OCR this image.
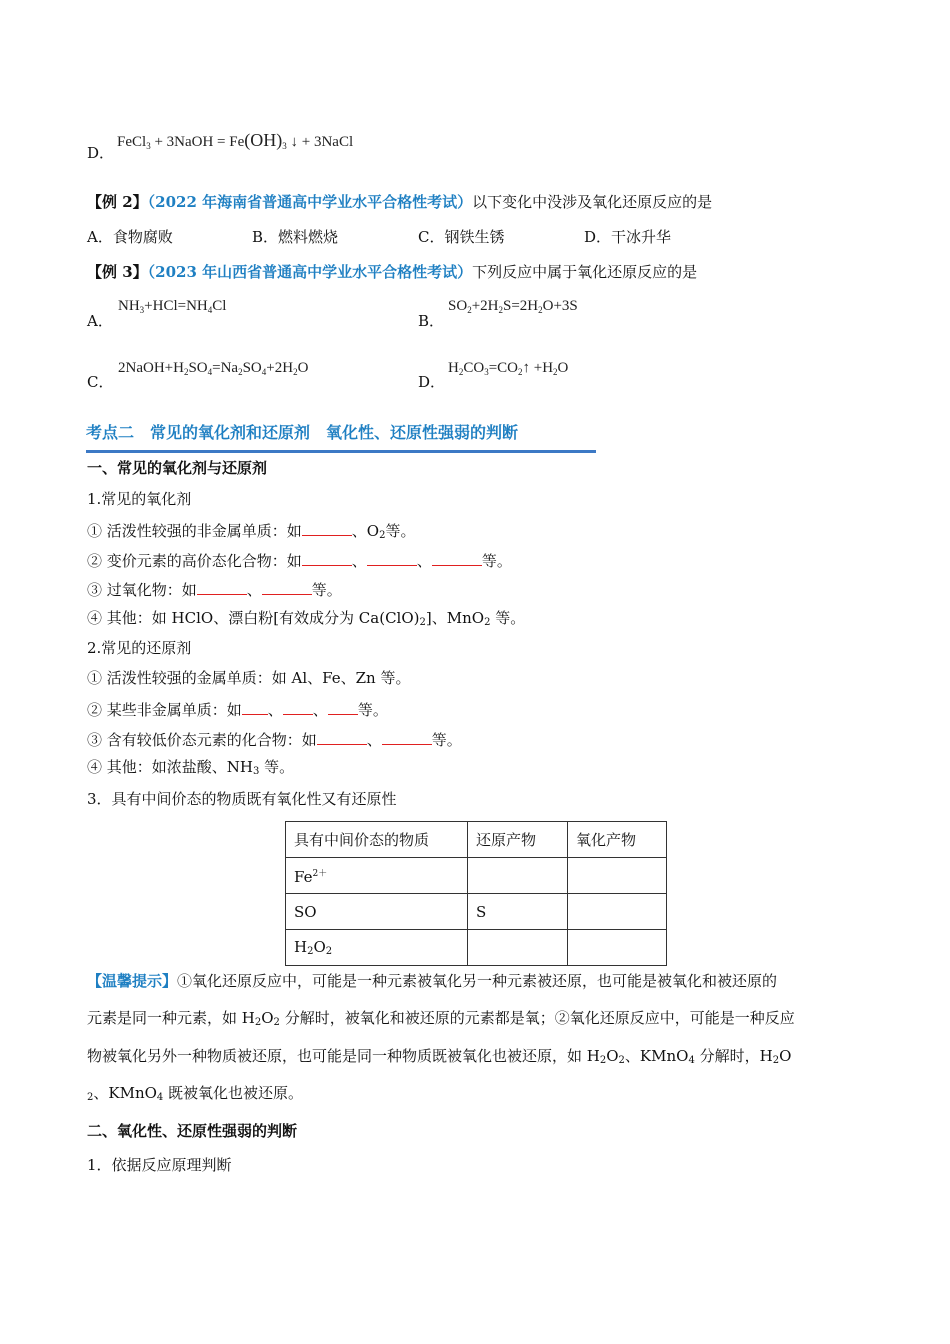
D．
FeCl$_3$ + 3NaOH = $Fe(OH)_3$ ↓ + 3NaCl
【例 2】（2022 年海南省普通高中学业水平合格性考试）以下变化中没涉及氧化还原反应的是
A．食物腐败	B．燃料燃烧	C．钢铁生锈	D．干冰升华
【例 3】（2023 年山西省普通高中学业水平合格性考试）下列反应中属于氧化还原反应的是
A．
$NH_3+HCl=NH_4Cl$
B．
$SO_2+2H_2S=2H_2O+3S$
C．
$2NaOH+H_2SO_4=Na_2SO_4+2H_2O$
D．
$H_2CO_3=CO_2↑ +H_2O$
考点二　常见的氧化剂和还原剂　氧化性、还原性强弱的判断
一、常见的氧化剂与还原剂
1.常见的氧化剂
① 活泼性较强的非金属单质：如	、$O_2$等。
② 变价元素的高价态化合物：如	、	、	等。
③ 过氧化物：如	、	等。
④ 其他：如 HClO、漂白粉[有效成分为 $Ca(ClO)_2$]、MnO$_2$ 等。
2.常见的还原剂
① 活泼性较强的金属单质：如 Al、Fe、Zn 等。
② 某些非金属单质：如 、 、 等。
③ 含有较低价态元素的化合物：如	、	等。
④ 其他：如浓盐酸、$NH_3$ 等。
3．具有中间价态的物质既有氧化性又有还原性
具有中间价态的物质	还原产物	氧化产物
$Fe^{2+}$		
SO	S	
$H_2O_2$		
【温馨提示】①氧化还原反应中，可能是一种元素被氧化另一种元素被还原，也可能是被氧化和被还原的
元素是同一种元素，如 $H_2O_2$ 分解时，被氧化和被还原的元素都是氧；②氧化还原反应中，可能是一种反应
物被氧化另外一种物质被还原，也可能是同一种物质既被氧化也被还原，如 $H_2O_2$、KMnO$_4$ 分解时，$H_2O$
$_2$、KMnO$_4$ 既被氧化也被还原。
二、氧化性、还原性强弱的判断
1．依据反应原理判断
